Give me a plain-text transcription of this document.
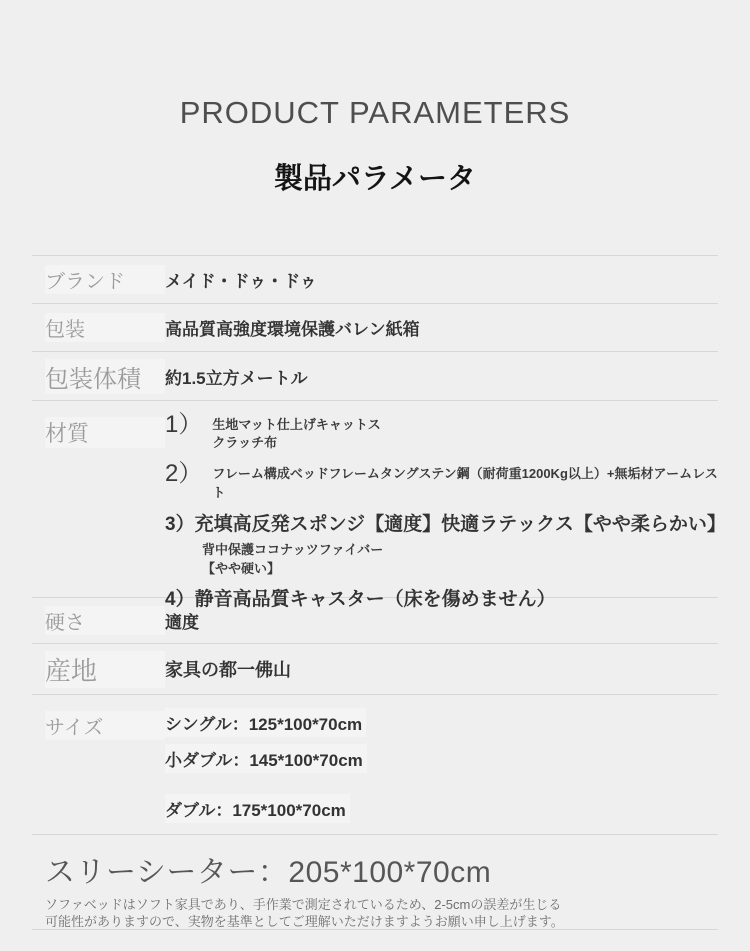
PRODUCT PARAMETERS
製品パラメータ
ブランド	メイド・ドゥ・ドゥ
包装	高品質高強度環境保護バレン紙箱
包装体積	約1.5立方メートル
材質	1） 生地マット仕上げキャットス
クラッチ布
2） フレーム構成ベッドフレームタングステン鋼（耐荷重1200Kg以上）+無垢材アームレスト
3） 充填高反発スポンジ【適度】快適ラテックス【やや柔らかい】
背中保護ココナッツファイバー
【やや硬い】
4） 静音高品質キャスター（床を傷めません）
硬さ	適度
産地	家具の都一佛山
サイズ	シングル：125*100*70cm
小ダブル：145*100*70cm
ダブル：175*100*70cm
スリーシーター：205*100*70cm
ソファベッドはソフト家具であり、手作業で測定されているため、2-5cmの誤差が生じる
可能性がありますので、実物を基準としてご理解いただけますようお願い申し上げます。
